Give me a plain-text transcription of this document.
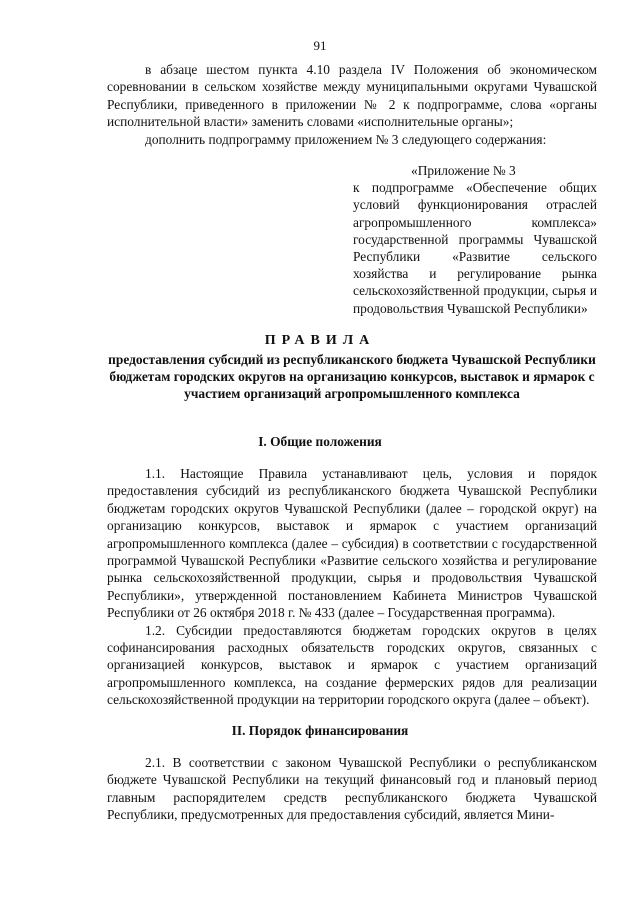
91

в абзаце шестом пункта 4.10 раздела IV Положения об экономическом соревновании в сельском хозяйстве между муниципальными округами Чувашской Республики, приведенного в приложении № 2 к подпрограмме, слова «органы исполнительной власти» заменить словами «исполнительные органы»;

дополнить подпрограмму приложением № 3 следующего содержания:

«Приложение № 3

к подпрограмме «Обеспечение общих условий функционирования отраслей агропромышленного комплекса» государственной программы Чувашской Республики «Развитие сельского хозяйства и регулирование рынка сельскохозяйственной продукции, сырья и продовольствия Чувашской Республики»

ПРАВИЛА
предоставления субсидий из республиканского бюджета Чувашской Республики бюджетам городских округов на организацию конкурсов, выставок и ярмарок с участием организаций агропромышленного комплекса
I. Общие положения

1.1. Настоящие Правила устанавливают цель, условия и порядок предоставления субсидий из республиканского бюджета Чувашской Республики бюджетам городских округов Чувашской Республики (далее – городской округ) на организацию конкурсов, выставок и ярмарок с участием организаций агропромышленного комплекса (далее – субсидия) в соответствии с государственной программой Чувашской Республики «Развитие сельского хозяйства и регулирование рынка сельскохозяйственной продукции, сырья и продовольствия Чувашской Республики», утвержденной постановлением Кабинета Министров Чувашской Республики от 26 октября 2018 г. № 433 (далее – Государственная программа).

1.2. Субсидии предоставляются бюджетам городских округов в целях софинансирования расходных обязательств городских округов, связанных с организацией конкурсов, выставок и ярмарок с участием организаций агропромышленного комплекса, на создание фермерских рядов для реализации сельскохозяйственной продукции на территории городского округа (далее – объект).

II. Порядок финансирования

2.1. В соответствии с законом Чувашской Республики о республиканском бюджете Чувашской Республики на текущий финансовый год и плановый период главным распорядителем средств республиканского бюджета Чувашской Республики, предусмотренных для предоставления субсидий, является Мини-
